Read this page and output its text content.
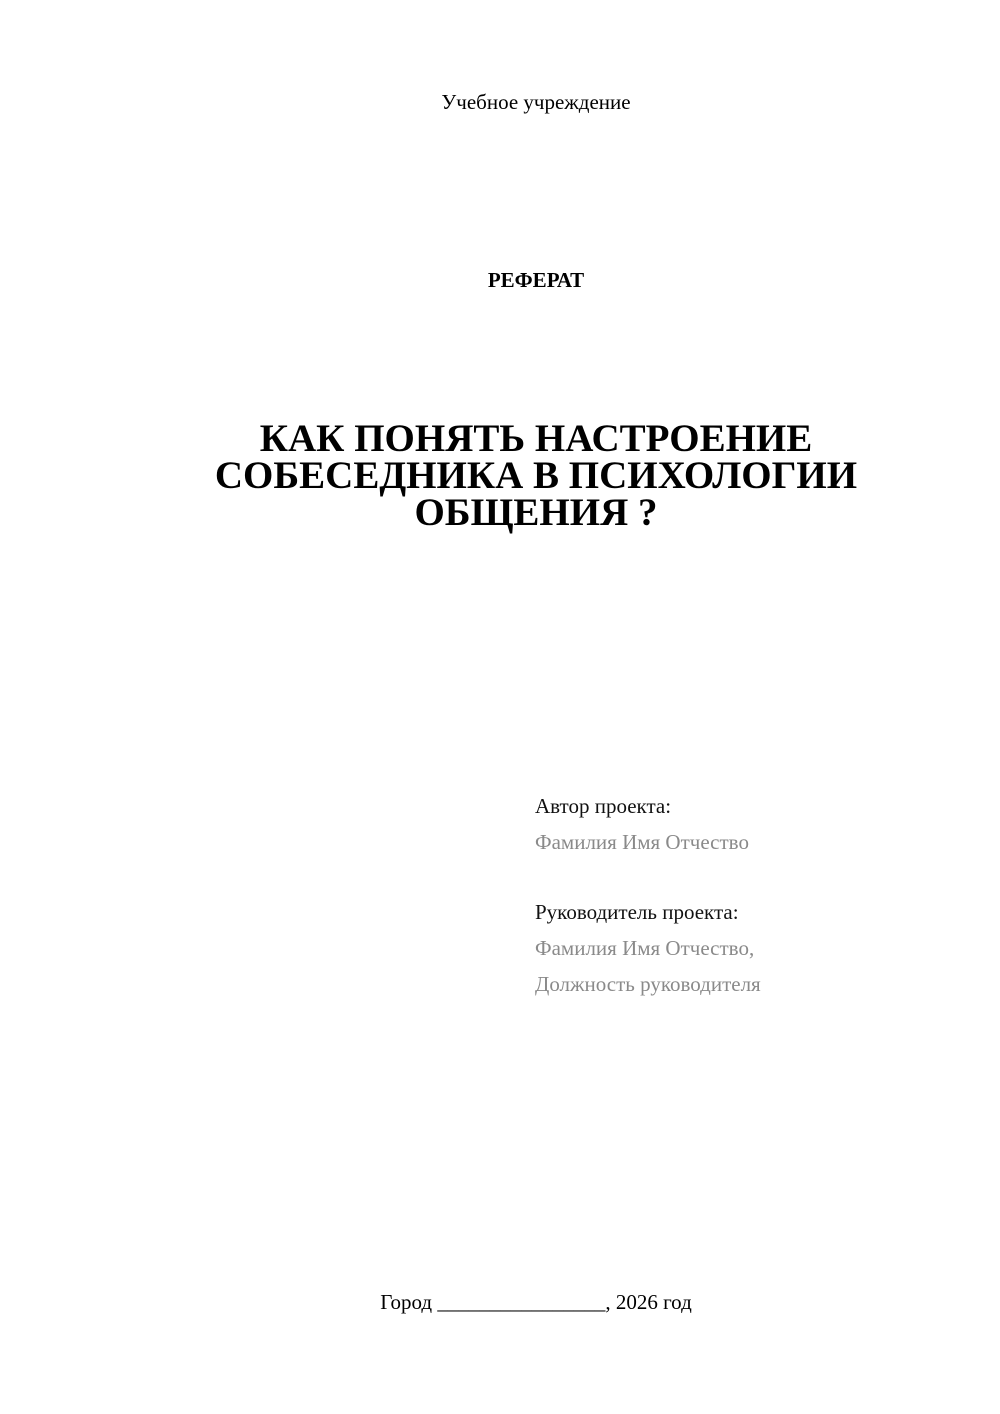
Учебное учреждение
РЕФЕРАТ
КАК ПОНЯТЬ НАСТРОЕНИЕ
СОБЕСЕДНИКА В ПСИХОЛОГИИ
ОБЩЕНИЯ ?
Автор проекта:
Фамилия Имя Отчество
Руководитель проекта:
Фамилия Имя Отчество,
Должность руководителя
Город ________________, 2026 год
